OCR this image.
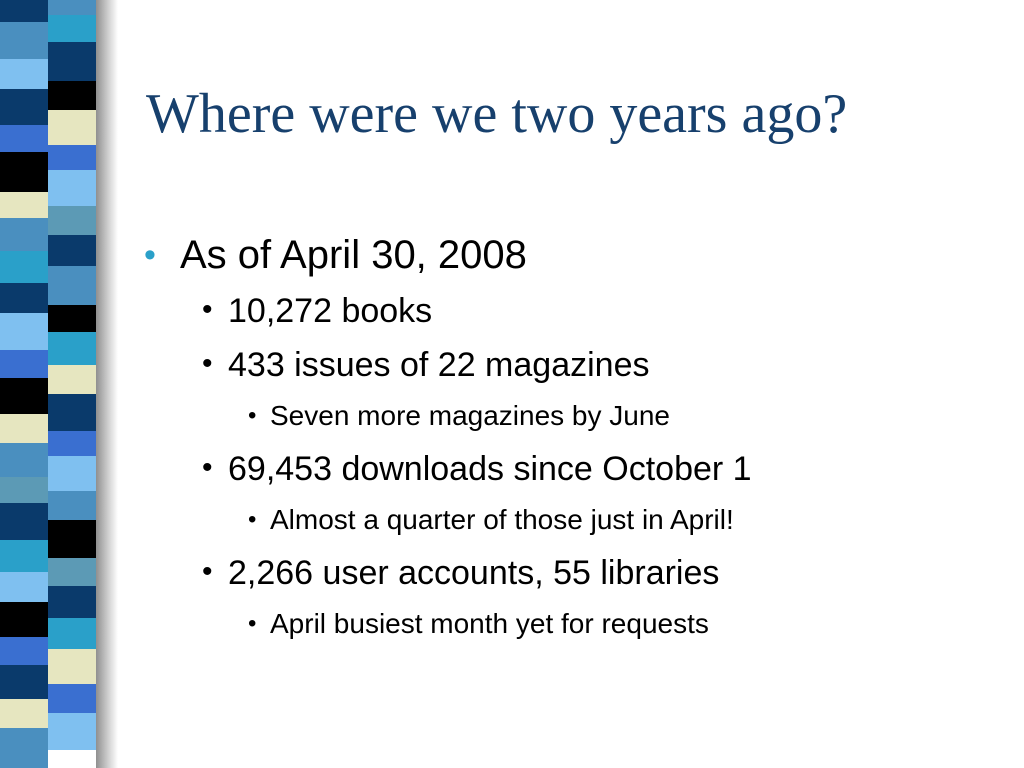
Where were we two years ago?
• As of April 30, 2008
• 10,272 books
• 433 issues of 22 magazines
• Seven more magazines by June
• 69,453 downloads since October 1
• Almost a quarter of those just in April!
• 2,266 user accounts, 55 libraries
• April busiest month yet for requests
